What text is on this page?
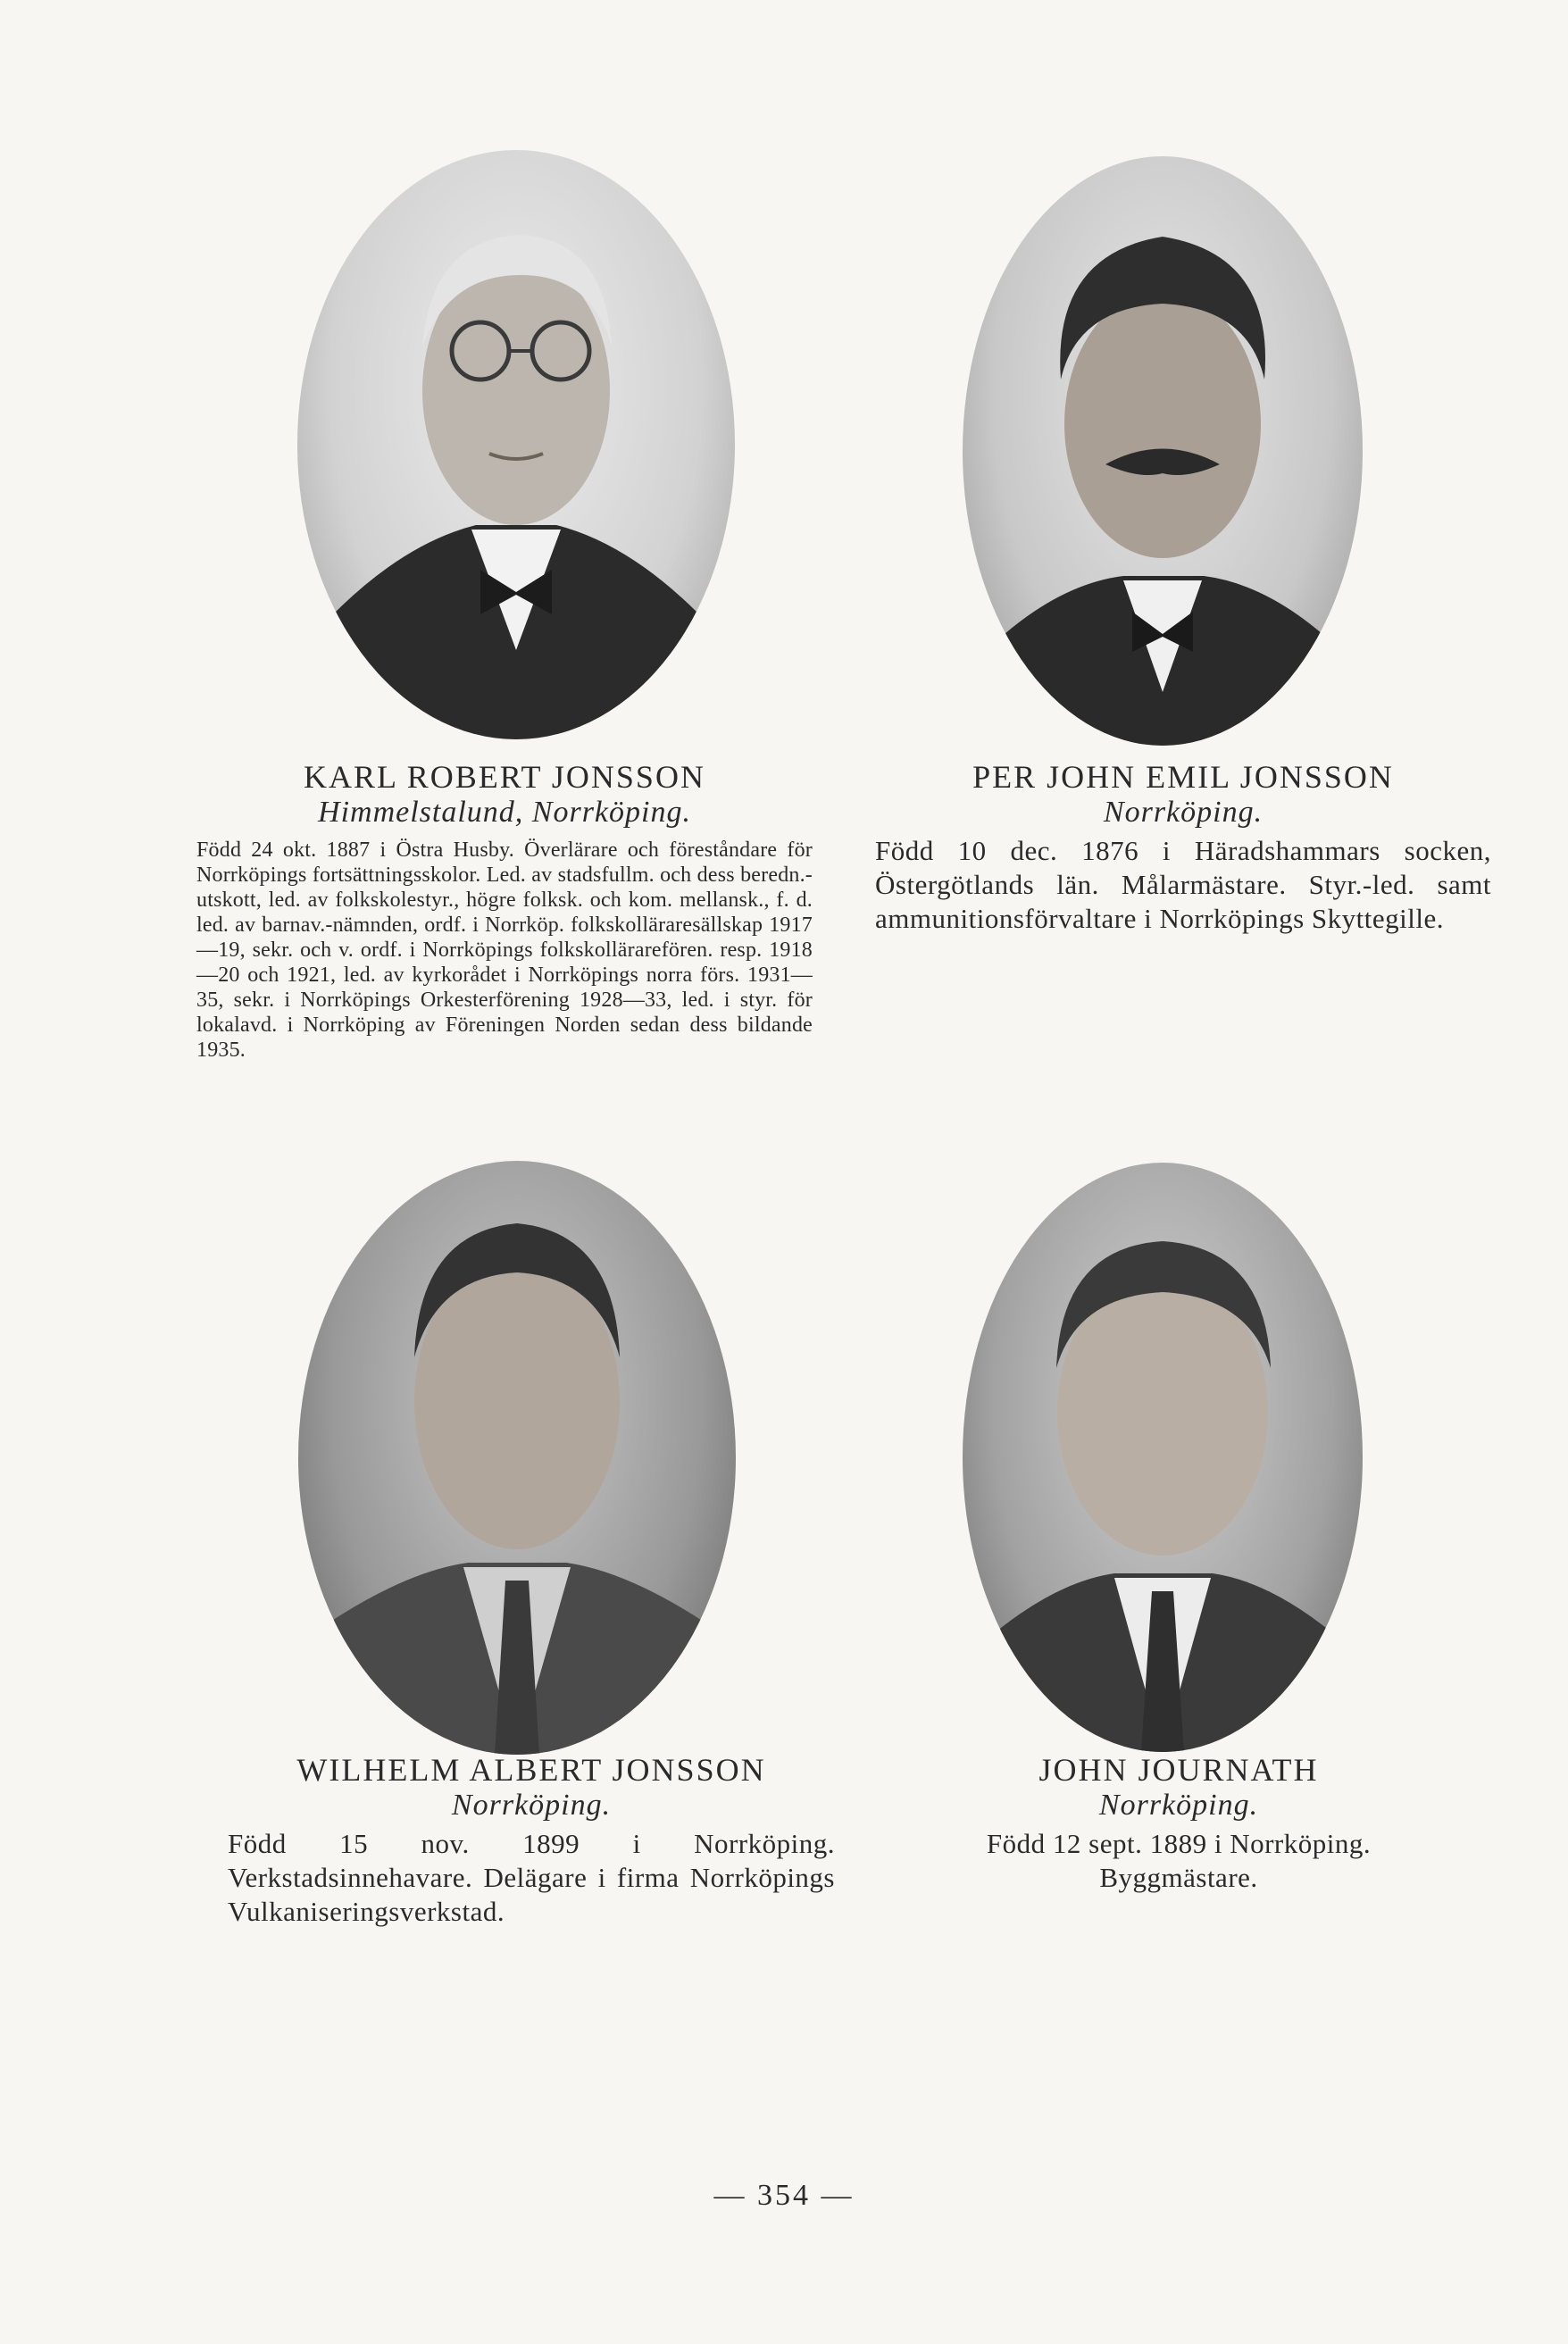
KARL ROBERT JONSSON
Himmelstalund, Norrköping.
Född 24 okt. 1887 i Östra Husby. Överlärare och föreståndare för Norrköpings fortsättningsskolor. Led. av stadsfullm. och dess beredn.-utskott, led. av folkskolestyr., högre folksk. och kom. mellansk., f. d. led. av barnav.-nämnden, ordf. i Norrköp. folkskollärаresällskap 1917—19, sekr. och v. ordf. i Norrköpings folkskollärarefören. resp. 1918—20 och 1921, led. av kyrkorådet i Norrköpings norra förs. 1931—35, sekr. i Norrköpings Orkesterförening 1928—33, led. i styr. för lokalavd. i Norrköping av Föreningen Norden sedan dess bildande 1935.
PER JOHN EMIL JONSSON
Norrköping.
Född 10 dec. 1876 i Häradshammars socken, Östergötlands län. Målarmästare. Styr.-led. samt ammunitionsförvaltare i Norrköpings Skyttegille.
WILHELM ALBERT JONSSON
Norrköping.
Född 15 nov. 1899 i Norrköping. Verkstadsinnehavare. Delägare i firma Norrköpings Vulkaniseringsverkstad.
JOHN JOURNATH
Norrköping.
Född 12 sept. 1889 i Norrköping. Byggmästare.
— 354 —
